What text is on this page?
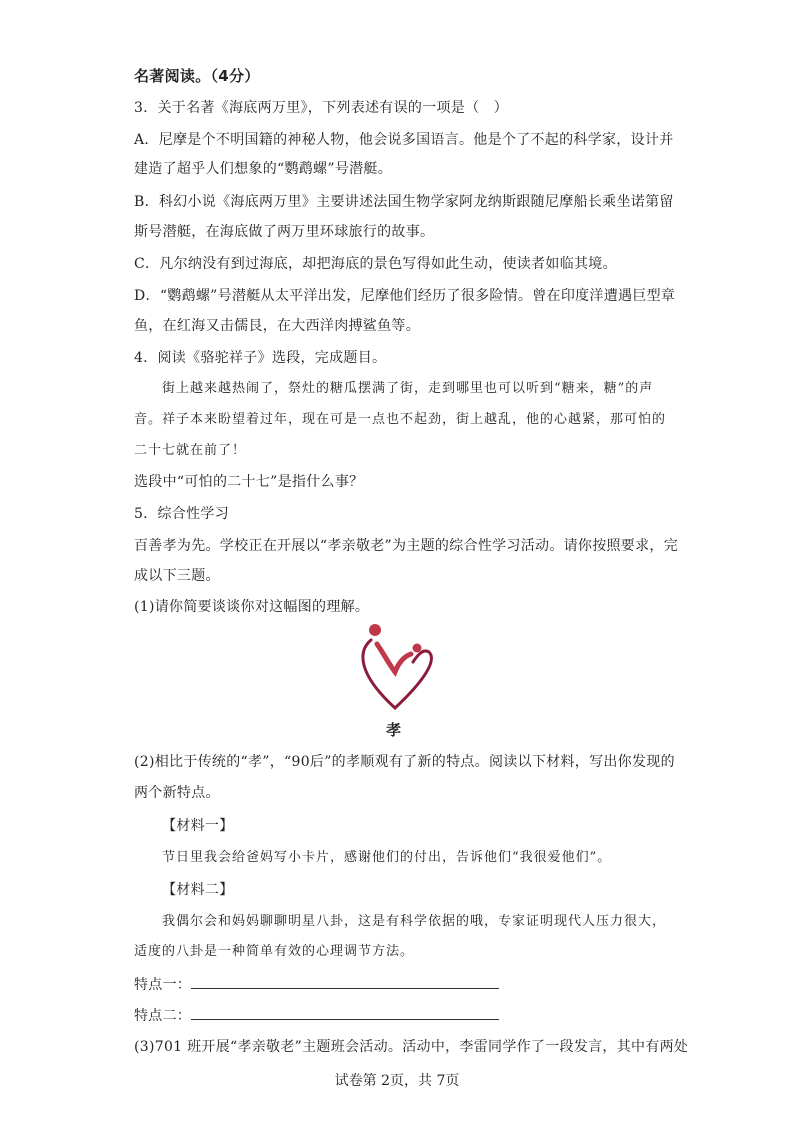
名著阅读。（4分）
3．关于名著《海底两万里》，下列表述有误的一项是（　）
A．尼摩是个不明国籍的神秘人物，他会说多国语言。他是个了不起的科学家，设计并
建造了超乎人们想象的“鹦鹉螺”号潜艇。
B．科幻小说《海底两万里》主要讲述法国生物学家阿龙纳斯跟随尼摩船长乘坐诺第留
斯号潜艇，在海底做了两万里环球旅行的故事。
C．凡尔纳没有到过海底，却把海底的景色写得如此生动，使读者如临其境。
D．“鹦鹉螺”号潜艇从太平洋出发，尼摩他们经历了很多险情。曾在印度洋遭遇巨型章
鱼，在红海又击儒艮，在大西洋肉搏鲨鱼等。
4．阅读《骆驼祥子》选段，完成题目。
街上越来越热闹了，祭灶的糖瓜摆满了街，走到哪里也可以听到“糖来，糖”的声
音。祥子本来盼望着过年，现在可是一点也不起劲，街上越乱，他的心越紧，那可怕的
二十七就在前了！
选段中“可怕的二十七”是指什么事？
5．综合性学习
百善孝为先。学校正在开展以“孝亲敬老”为主题的综合性学习活动。请你按照要求，完
成以下三题。
(1)请你简要谈谈你对这幅图的理解。
孝
(2)相比于传统的“孝”，“90后”的孝顺观有了新的特点。阅读以下材料，写出你发现的
两个新特点。
【材料一】
节日里我会给爸妈写小卡片，感谢他们的付出，告诉他们“我很爱他们”。
【材料二】
我偶尔会和妈妈聊聊明星八卦，这是有科学依据的哦，专家证明现代人压力很大，
适度的八卦是一种简单有效的心理调节方法。
特点一：
特点二：
(3)701 班开展“孝亲敬老”主题班会活动。活动中，李雷同学作了一段发言，其中有两处
试卷第 2页，共 7页
